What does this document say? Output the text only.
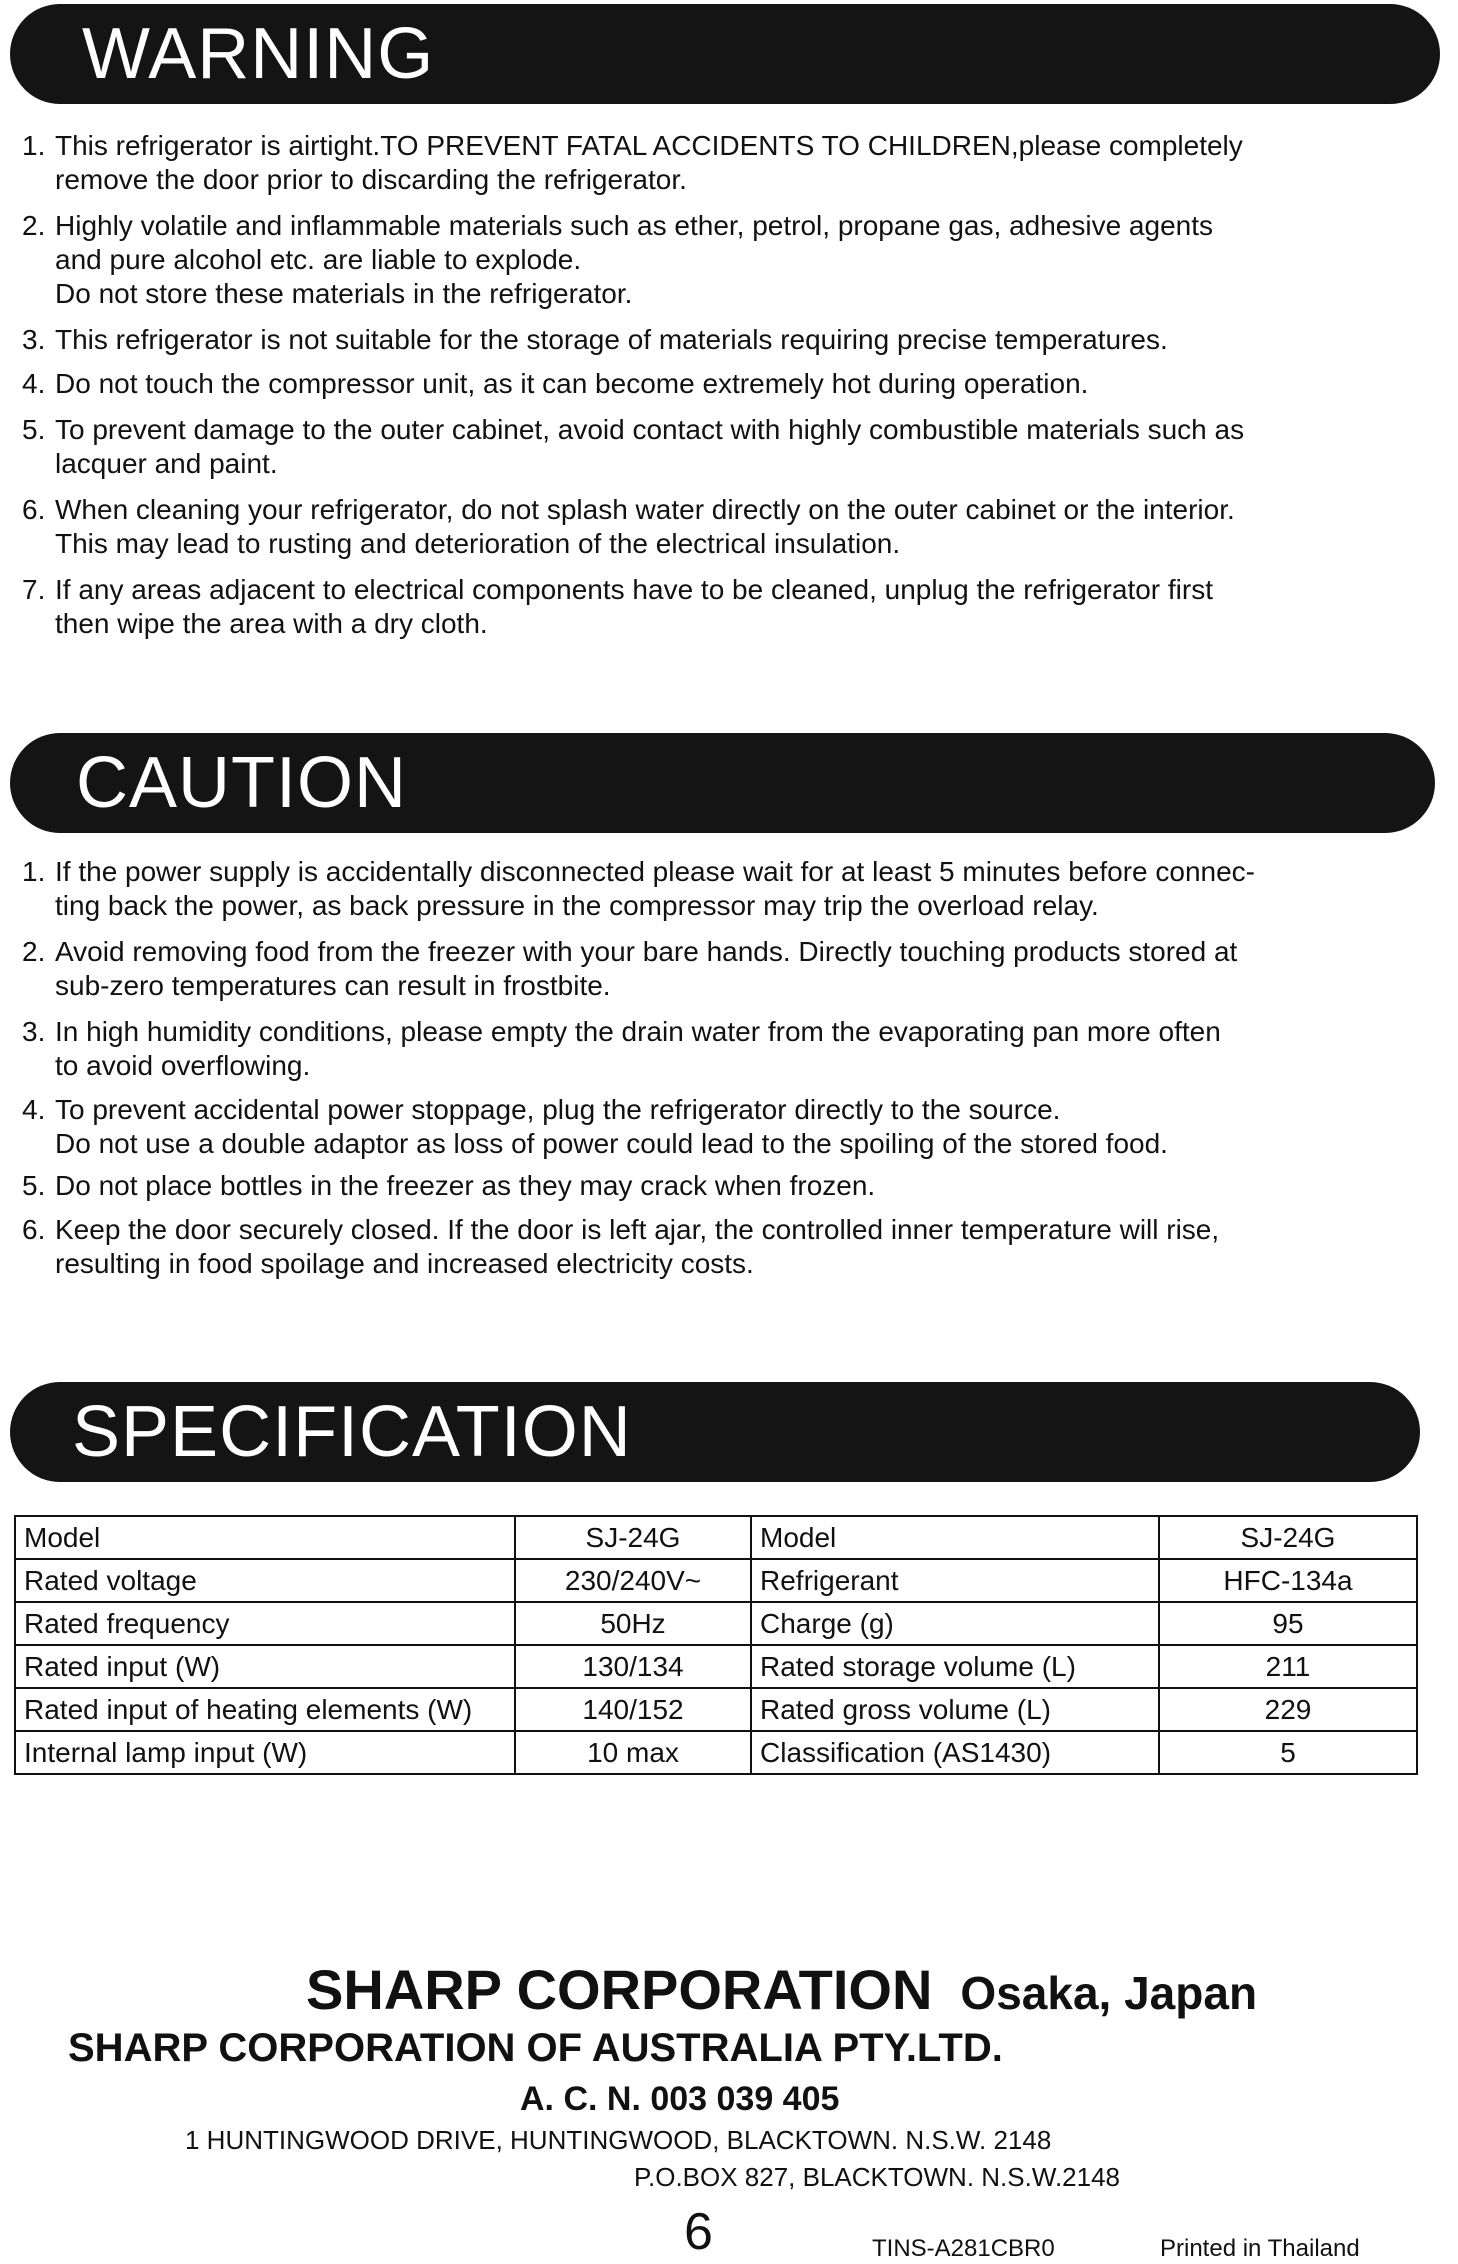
WARNING
1. This refrigerator is airtight.TO PREVENT FATAL ACCIDENTS TO CHILDREN,please completely
remove the door prior to discarding the refrigerator.
2. Highly volatile and inflammable materials such as ether, petrol, propane gas, adhesive agents
and pure alcohol etc. are liable to explode.
Do not store these materials in the refrigerator.
3. This refrigerator is not suitable for the storage of materials requiring precise temperatures.
4. Do not touch the compressor unit, as it can become extremely hot during operation.
5. To prevent damage to the outer cabinet, avoid contact with highly combustible materials such as
lacquer and paint.
6. When cleaning your refrigerator, do not splash water directly on the outer cabinet or the interior.
This may lead to rusting and deterioration of the electrical insulation.
7. If any areas adjacent to electrical components have to be cleaned, unplug the refrigerator first
then wipe the area with a dry cloth.
CAUTION
1. If the power supply is accidentally disconnected please wait for at least 5 minutes before connec-
ting back the power, as back pressure in the compressor may trip the overload relay.
2. Avoid removing food from the freezer with your bare hands. Directly touching products stored at
sub-zero temperatures can result in frostbite.
3. In high humidity conditions, please empty the drain water from the evaporating pan more often
to avoid overflowing.
4. To prevent accidental power stoppage, plug the refrigerator directly to the source.
Do not use a double adaptor as loss of power could lead to the spoiling of the stored food.
5. Do not place bottles in the freezer as they may crack when frozen.
6. Keep the door securely closed. If the door is left ajar, the controlled inner temperature will rise,
resulting in food spoilage and increased electricity costs.
SPECIFICATION
Model	SJ-24G	Model	SJ-24G
Rated voltage	230/240V~	Refrigerant	HFC-134a
Rated frequency	50Hz	Charge (g)	95
Rated input (W)	130/134	Rated storage volume (L)	211
Rated input of heating elements (W)	140/152	Rated gross volume (L)	229
Internal lamp input (W)	10 max	Classification (AS1430)	5
SHARP CORPORATION Osaka, Japan
SHARP CORPORATION OF AUSTRALIA PTY.LTD.
A. C. N. 003 039 405
1 HUNTINGWOOD DRIVE, HUNTINGWOOD, BLACKTOWN. N.S.W. 2148
P.O.BOX 827, BLACKTOWN. N.S.W.2148
6	TINS-A281CBR0	Printed in Thailand
